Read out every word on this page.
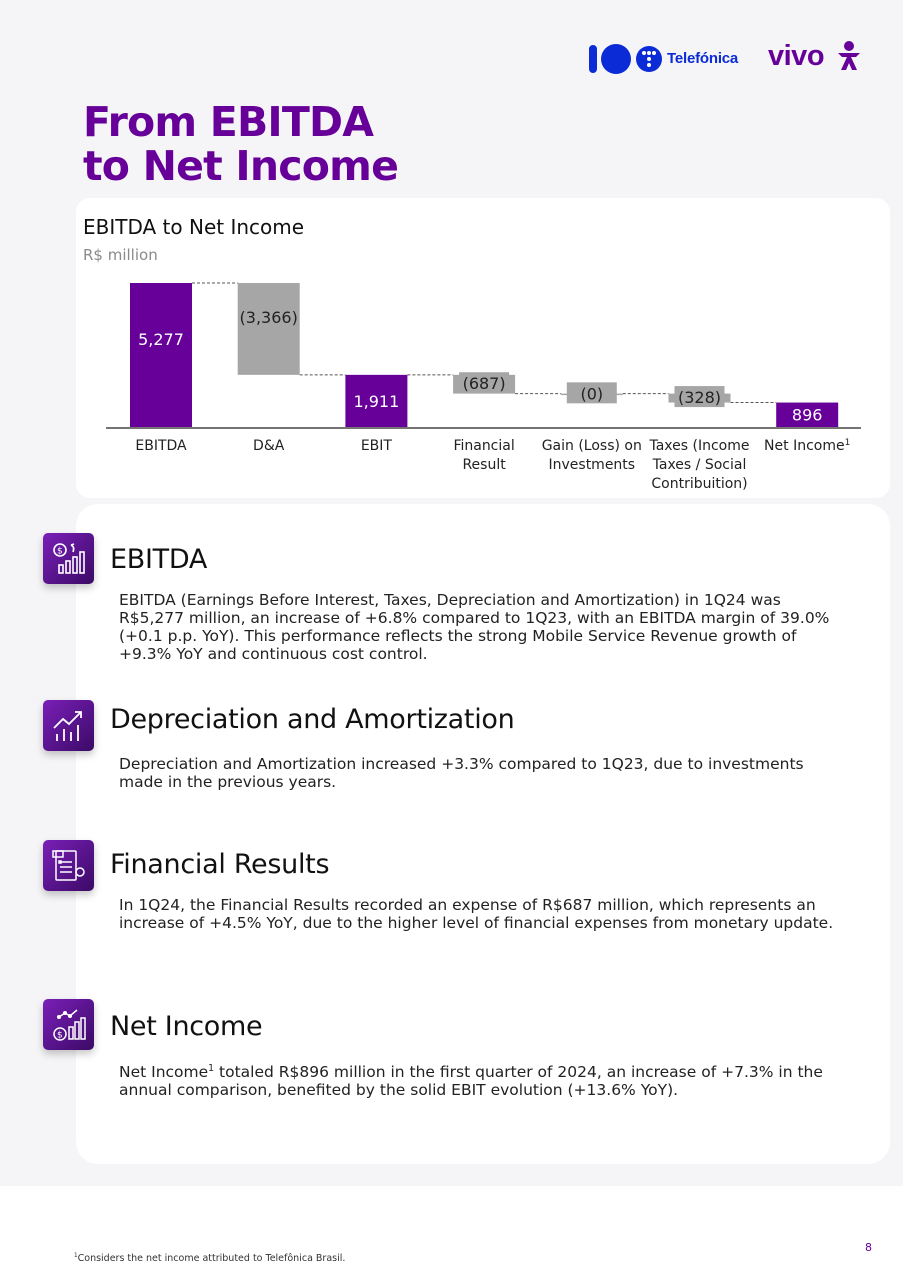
Telefónica vivo
From EBITDA
to Net Income
EBITDA to Net Income
R$ million
5,277
EBITDA
(3,366)
D&A
1,911
EBIT
(687)
Financial
Result
(0)
Gain (Loss) on
Investments
(328)
Taxes (Income
Taxes / Social
Contribuition)
896
Net Income$^1$
$ EBITDA
EBITDA (Earnings Before Interest, Taxes, Depreciation and Amortization) in 1Q24 was R$5,277 million, an increase of +6.8% compared to 1Q23, with an EBITDA margin of 39.0% (+0.1 p.p. YoY). This performance reflects the strong Mobile Service Revenue growth of +9.3% YoY and continuous cost control.
Depreciation and Amortization
Depreciation and Amortization increased +3.3% compared to 1Q23, due to investments made in the previous years.
Financial Results
In 1Q24, the Financial Results recorded an expense of R$687 million, which represents an increase of +4.5% YoY, due to the higher level of financial expenses from monetary update.
$ Net Income
Net Income$^1$ totaled R$896 million in the first quarter of 2024, an increase of +7.3% in the annual comparison, benefited by the solid EBIT evolution (+13.6% YoY).
8
$^1$Considers the net income attributed to Telefônica Brasil.
